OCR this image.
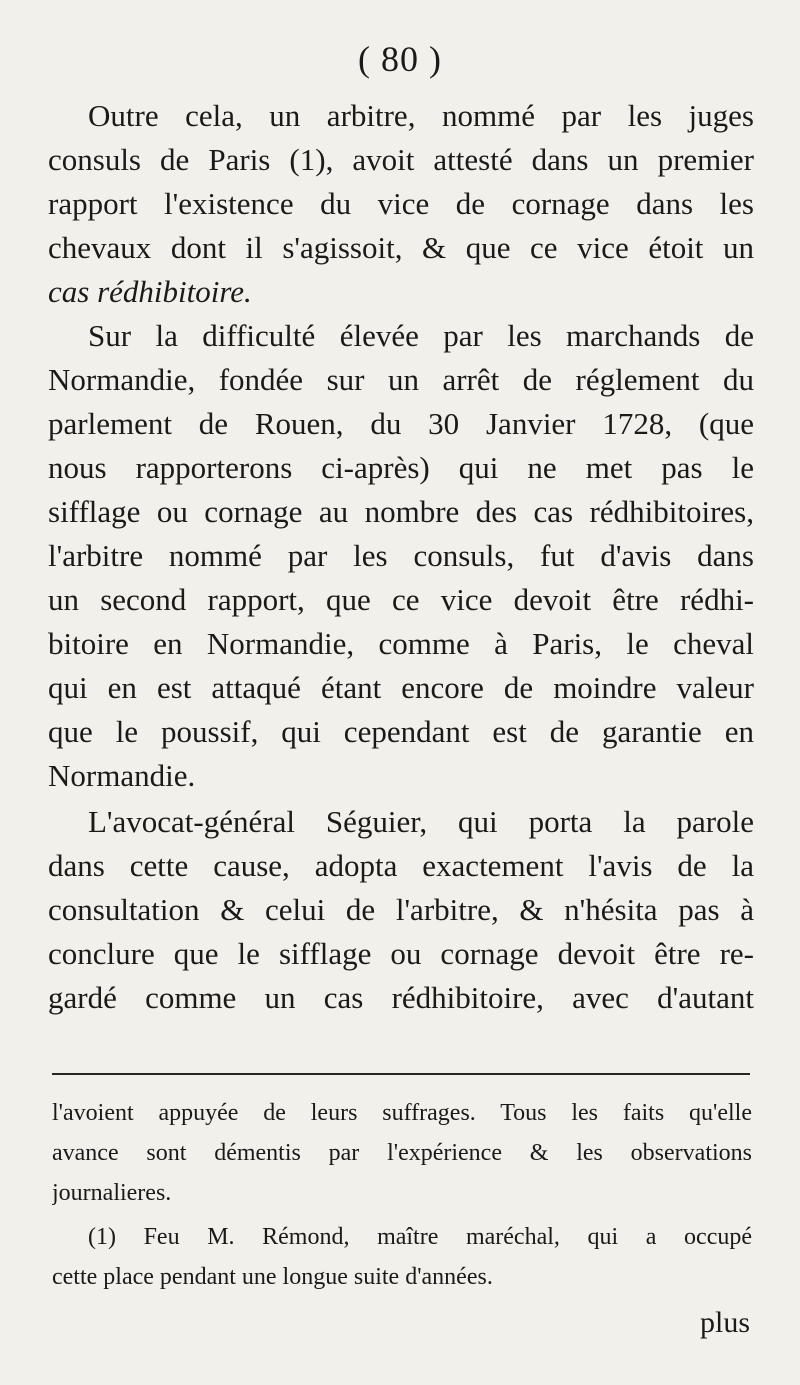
( 80 )
Outre cela, un arbitre, nommé par les juges
consuls de Paris (1), avoit attesté dans un premier
rapport l'existence du vice de cornage dans les
chevaux dont il s'agissoit, & que ce vice étoit un
cas rédhibitoire.
Sur la difficulté élevée par les marchands de
Normandie, fondée sur un arrêt de réglement du
parlement de Rouen, du 30 Janvier 1728, (que
nous rapporterons ci-après) qui ne met pas le
sifflage ou cornage au nombre des cas rédhibitoires,
l'arbitre nommé par les consuls, fut d'avis dans
un second rapport, que ce vice devoit être rédhi-
bitoire en Normandie, comme à Paris, le cheval
qui en est attaqué étant encore de moindre valeur
que le poussif, qui cependant est de garantie en
Normandie.
L'avocat-général Séguier, qui porta la parole
dans cette cause, adopta exactement l'avis de la
consultation & celui de l'arbitre, & n'hésita pas à
conclure que le sifflage ou cornage devoit être re-
gardé comme un cas rédhibitoire, avec d'autant
l'avoient appuyée de leurs suffrages. Tous les faits qu'elle
avance sont démentis par l'expérience & les observations
journalieres.
(1) Feu M. Rémond, maître maréchal, qui a occupé
cette place pendant une longue suite d'années.
plus
